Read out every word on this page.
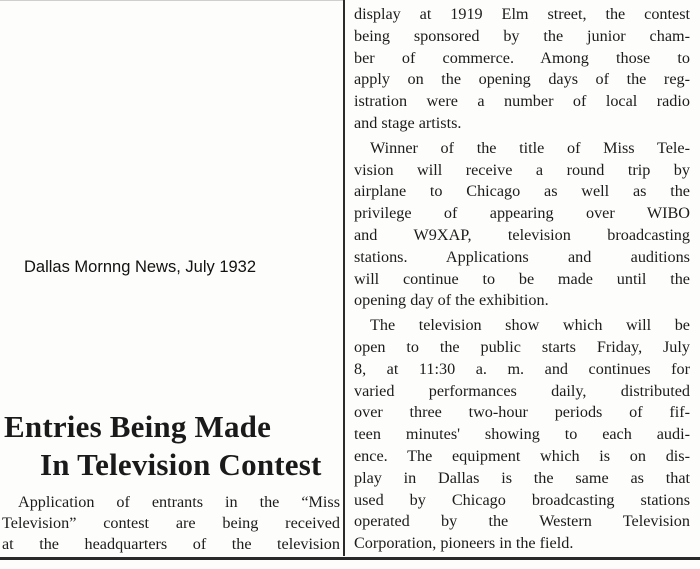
Dallas Mornng News, July 1932
Entries Being Made
In Television Contest
Application of entrants in the “Miss
Television” contest are being received
at the headquarters of the television
display at 1919 Elm street, the contest
being sponsored by the junior cham-
ber of commerce. Among those to
apply on the opening days of the reg-
istration were a number of local radio
and stage artists.
Winner of the title of Miss Tele-
vision will receive a round trip by
airplane to Chicago as well as the
privilege of appearing over WIBO
and W9XAP, television broadcasting
stations. Applications and auditions
will continue to be made until the
opening day of the exhibition.
The television show which will be
open to the public starts Friday, July
8, at 11:30 a. m. and continues for
varied performances daily, distributed
over three two-hour periods of fif-
teen minutes' showing to each audi-
ence. The equipment which is on dis-
play in Dallas is the same as that
used by Chicago broadcasting stations
operated by the Western Television
Corporation, pioneers in the field.
